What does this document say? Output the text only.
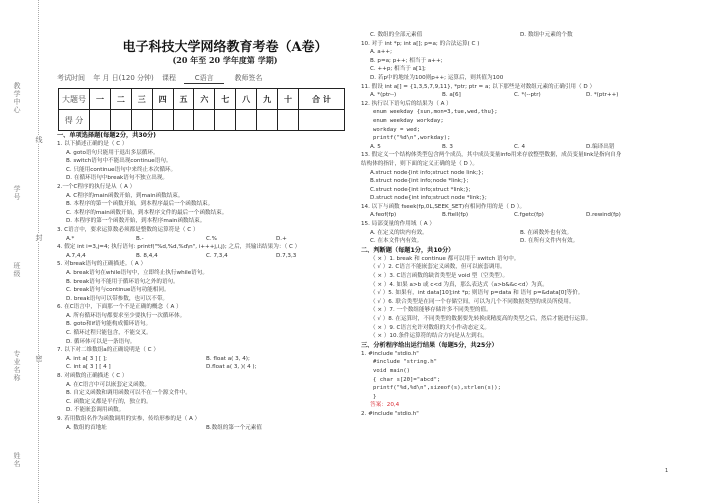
教学中心
学号
班级
专业名称
姓名
线
封
密
电子科技大学网络教育考卷（A卷）
(20 年至 20 学年度第 学期)
考试时间 年 月 日(120 分钟) 课程	C语言	教师签名
大题号	一	二	三	四	五	六	七	八	九	十	合 计
得 分											
一、单项选择题(每题2分，共30分)
1. 以下描述正确的是（ C ）
A. goto语句只能用于退出多层循环。
B. switch语句中不能出现continue语句。
C. 只能用continue语句中来终止本次循环。
D. 在循环语句中break语句不独立出现。
2.一个C程序的执行是从（ A ）
A. C程序的main函数开始，到main函数结束。
B. 本程序的第一个函数开始，到本程序最后一个函数结束。
C. 本程序的main函数开始，到本程序文件的最后一个函数结束。
D. 本程序的第一个函数开始，到本程序main函数结束。
3. C语言中，要求运算数必须都是整数的运算符是（ C ）
A.*	B.-	C.%	D.+
4. 假定 int i=3,j=4; 执行语句: printf("%d,%d,%d\n", i+++j,i,j); 之后，其输出结果为：（ C ）
A.7,4,4	B. 8,4,4	C. 7,3,4	D.7,3,3
5. 对break语句的正确描述。（ A ）
A. break语句在while语句中，立即终止执行while语句。
B. break语句不能用于循环语句之外的语句。
C. break语句与continue语句功能相同。
D. break语句可以带参数，也可以不带。
6. 在C语言中，下面那一个不是正确的概念（ A ）
A. 所有循环语句都要求至少要执行一次循环体。
B. goto和if语句能构成循环语句。
C. 循环过程只能包含，不能交叉。
D. 循环体可以是一条语句。
7. 以下对二维数组a的正确说明是（ C ）
A. int a[ 3 ] [ ];	B. float a( 3, 4);
C. int a[ 3 ] [ 4 ]	D.float a( 3, )( 4 );
8. 对函数的正确描述（ C ）
A. 在C语言中可以嵌套定义函数。
B. 自定义函数和调用函数可以不在一个源文件中。
C. 函数定义都是平行的，独立的。
D. 不能嵌套调用函数。
9. 若用数组名作为函数调用的实参，传给形参的是（ A ）
A. 数组的首地址	B.数组的第一个元素值
C. 数组的全部元素值	D. 数组中元素的个数
10. 对于 int *p; int a[]; p=a; 的合法运算( C )
A. a++;
B. p=a; p++; 相当于 a++;
C. ++p; 相当于 a[1];
D. 若p中的地址为100则p++; 运算后，则其值为100
11. 假设 int a[] = {1,3,5,7,9,11}, *ptr; ptr = a; 以下那些是对数组元素的正确引用（ D ）
A. *(ptr--)	B. a[6]	C. *(--ptr)	D. *(ptr++)
12. 执行以下语句后的结果为（ A ）
enum weekday {sun,mon=3,tue,wed,thu};
enum weekday workday;
workday = wed;
printf("%d\n",workday);
A. 5	B. 3	C. 4	D.编译出错
13. 假定义一个结构体类型包含两个成员，其中成员变量info用来存放整型数据，成员变量link是指向自身
结构体的指针，则下面的定义正确的是（ D ）。
A.struct node{int info;struct node link;};
B.struct node{int info;node *link;};
C.struct node{int info;struct *link;};
D.struct node{int info;struct node *link;};
14. 以下与函数 fseek(fp,0L,SEEK_SET)有相同作用的是（ D ）。
A.feof(fp)	B.ftell(fp)	C.fgetc(fp)	D.rewind(fp)
15. 局部变量的作用域（ A ）
A. 在定义的块内有效。	B. 在函数外也有效。
C. 在本文件内有效。	D. 在所有文件内有效。
二、判断题（每题1分，共10分）
（ × ）1. break 和 continue 都可以用于 switch 语句中。
（ √ ）2. C语言不能嵌套定义函数，但可以嵌套调用。
（ × ）3. C语言函数的缺省类型是 void 型（空类型）。
（ × ）4. 如果 a>b 或 c<d 为真，那么表达式（a>b&&c<d）为真。
（ √ ）5. 如果有，int data[10];int *p; 则语句 p=data 和 语句 p=&data[0]等价。
（ √ ）6. 联合类型是在同一个存储空间，可以为几个不同数据类型的成员所使用。
（ × ）7. 一个数组能够存储许多不同类型的值。
（ √ ）8. 在运算时，不同类型的数据要先转换成精度高的类型之后，然后才能进行运算。
（ × ）9. C语言允许对数组的大小作动态定义。
（ × ）10.条件运算符的结合方向是从左到右。
三、分析程序给出运行结果（每题5分，共25分）
1. #include "stdio.h"
#include "string.h"
void main()
{ char s[20]="abcd";
printf("%d,%d\n",sizeof(s),strlen(s));
}
答案：20,4
2. #include "stdio.h"
1
